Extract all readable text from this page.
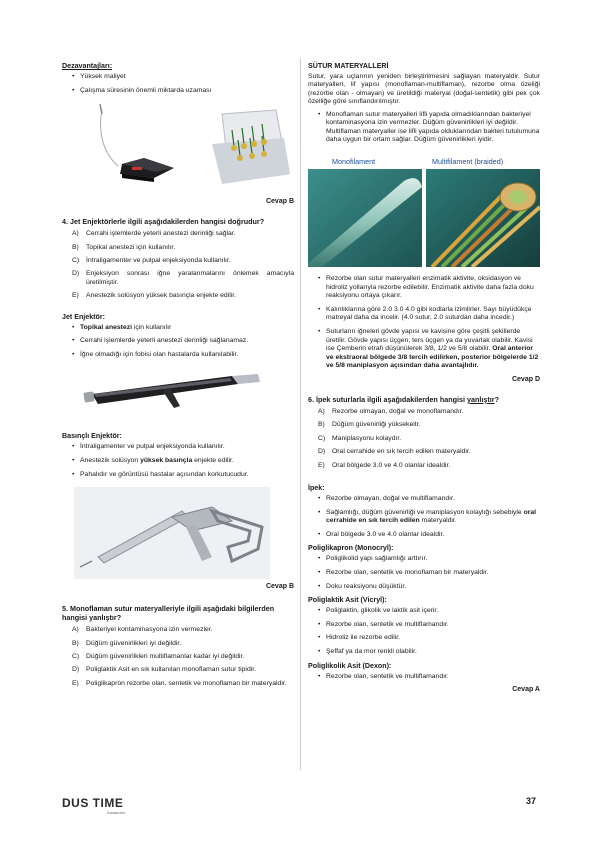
Dezavantajları:
• Yüksek maliyet
• Çalışma süresinin önemli miktarda uzaması
Cevap B
4. Jet Enjektörlerle ilgili aşağıdakilerden hangisi doğrudur?
A)	Cerrahi işlemlerde yeterli anestezi derinliği sağlar.
B)	Topikal anestezi için kullanılır.
C)	İntraligamenter ve pulpal enjeksiyonda kullanılır.
D)	Enjeksiyon sonrası iğne yaralanmalarını önlemek amacıyla üretilmiştir.
E)	Anestezik solüsyon yüksek basınçla enjekte edilir.
Jet Enjektör:
• Topikal anestezi için kullanılır
• Cerrahi işlemlerde yeterli anestezi derinliği sağlanamaz.
• İğne olmadığı için fobisi olan hastalarda kullanılabilir.
Basınçlı Enjektör:
• İntraligamenter ve pulpal enjeksiyonda kullanılır.
• Anestezik solüsyon yüksek basınçla enjekte edilir.
• Pahalıdır ve görüntüsü hastalar açısından korkutucudur.
Cevap B
5. Monoflaman sutur materyalleriyle ilgili aşağıdaki bilgilerden hangisi yanlıştır?
A)	Bakteriyel kontaminasyona izin vermezler.
B)	Düğüm güvenirlikleri iyi değildir.
C)	Düğüm güvenirlikleri multiflamanlar kadar iyi değildir.
D)	Poliglaktik Asit en sık kullanılan monoflaman sutur tipidir.
E)	Poliglikapron rezorbe olan, sentetik ve monoflaman bir materyaldir.
SÜTUR MATERYALLERİ
Sutur, yara uçlarının yeniden birleştirilmesini sağlayan materyaldir. Sutur materyalleri, lif yapısı (monoflaman-multiflaman), rezorbe olma özeliği (rezorbe olan - olmayan) ve üretildiği materyal (doğal-sentetik) gibi pek çok özelliğe göre sınıflandırılmıştır.
• Monoflaman sutur materyalleri lifli yapıda olmadıklarından bakteriyel kontaminasyona izin vermezler. Düğüm güvenirlikleri iyi değildir. Multiflaman materyaller ise lifli yapıda olduklarından bakteri tutulumuna daha uygun bir ortam sağlar. Düğüm güvenirlikleri iyidir.
Monofilament	Multifilament (braided)
• Rezorbe olan sutur materyalleri enzimatik aktivite, oksidasyon ve hidroliz yollarıyla rezorbe edilebilir. Enzimatik aktivite daha fazla doku reaksiyonu ortaya çıkarır.
• Kalınlıklarına göre 2.0 3.0 4.0 gibi kodlarla izimlirler. Sayı büyüdükçe matreyal daha da incelir. (4.0 sutur, 2.0 suturdan daha incedir.)
• Suturların iğneleri gövde yapısı ve kavisine göre çeşitli şekillerde üretilir. Gövde yapısı üçgen, ters üçgen ya da yuvarlak olabilir. Kavisi ise Çemberin etrafı düşünülerek 3/8, 1/2 ve 5/8 olabilir. Oral anterior ve ekstraoral bölgede 3/8 tercih edilirken, posterior bölgelerde 1/2 ve 5/8 maniplasyon açısından daha avantajlıdır.
Cevap D
6. İpek suturlarla ilgili aşağıdakilerden hangisi yanlıştır?
A)	Rezorbe olmayan, doğal ve monoflamandır.
B)	Düğüm güvenirliği yüksekeitr.
C)	Maniplasyonu kolaydır.
D)	Oral cerrahide en sık tercih edilen materyaldir.
E)	Oral bölgede 3.0 ve 4.0 olanlar idealdir.
İpek:
• Rezorbe olmayan, doğal ve multiflamandır.
• Sağlamlığı, düğüm güvenirliği ve maniplasyon kolaylığı sebebiyle oral cerrahide en sık tercih edilen materyaldir.
• Oral bölgede 3.0 ve 4.0 olanlar idealdir.
Poliglikapron (Monocryl):
• Poliglikolid yapı sağlamlığı arttırır.
• Rezorbe olan, sentetik ve monoflaman bir materyaldir.
• Doku reaksiyonu düşüktür.
Poliglaktik Asit (Vicryl):
• Poliglaktin, glikolik ve laktik asit içerir.
• Rezorbe olan, sentetik ve multiflamandır.
• Hidroliz ile rezorbe edilir.
• Şeffaf ya da mor renkli olabilir.
Poliglikolik Asit (Dexon):
• Rezorbe olan, sentetik ve multiflamandır.
Cevap A
DUS TIME
Kazandırır
37
